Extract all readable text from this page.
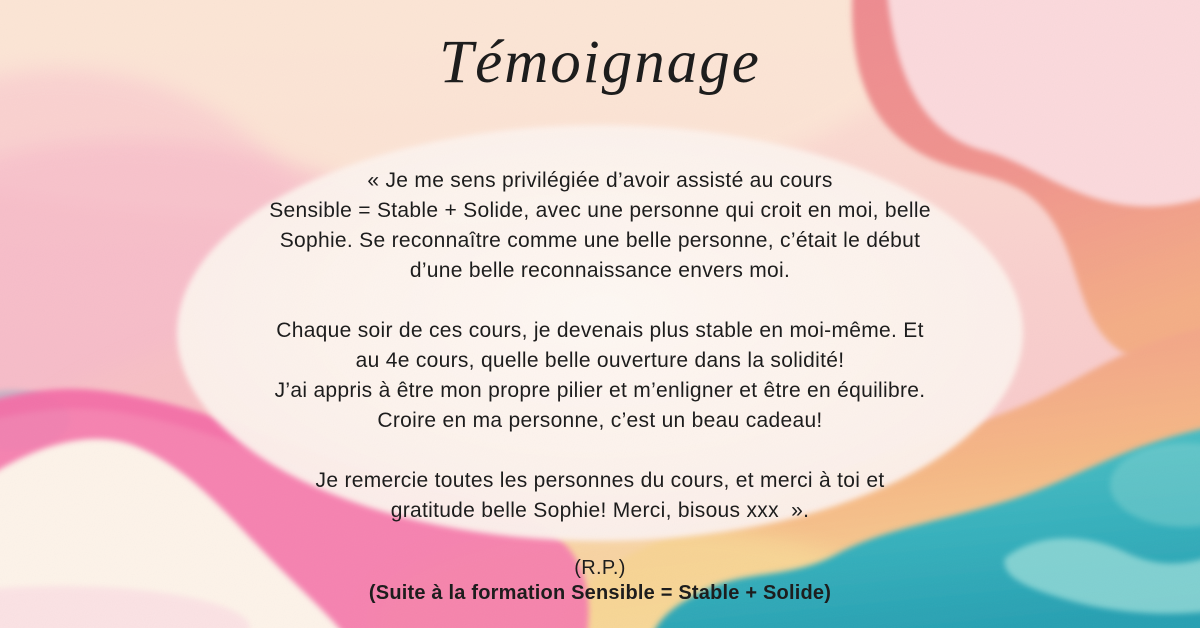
Témoignage

« Je me sens privilégiée d’avoir assisté au cours
Sensible = Stable + Solide, avec une personne qui croit en moi, belle
Sophie. Se reconnaître comme une belle personne, c’était le début
d’une belle reconnaissance envers moi.

Chaque soir de ces cours, je devenais plus stable en moi-même. Et
au 4e cours, quelle belle ouverture dans la solidité!
J’ai appris à être mon propre pilier et m’enligner et être en équilibre.
Croire en ma personne, c’est un beau cadeau!

Je remercie toutes les personnes du cours, et merci à toi et
gratitude belle Sophie! Merci, bisous xxx  ».

(R.P.)
(Suite à la formation Sensible = Stable + Solide)
